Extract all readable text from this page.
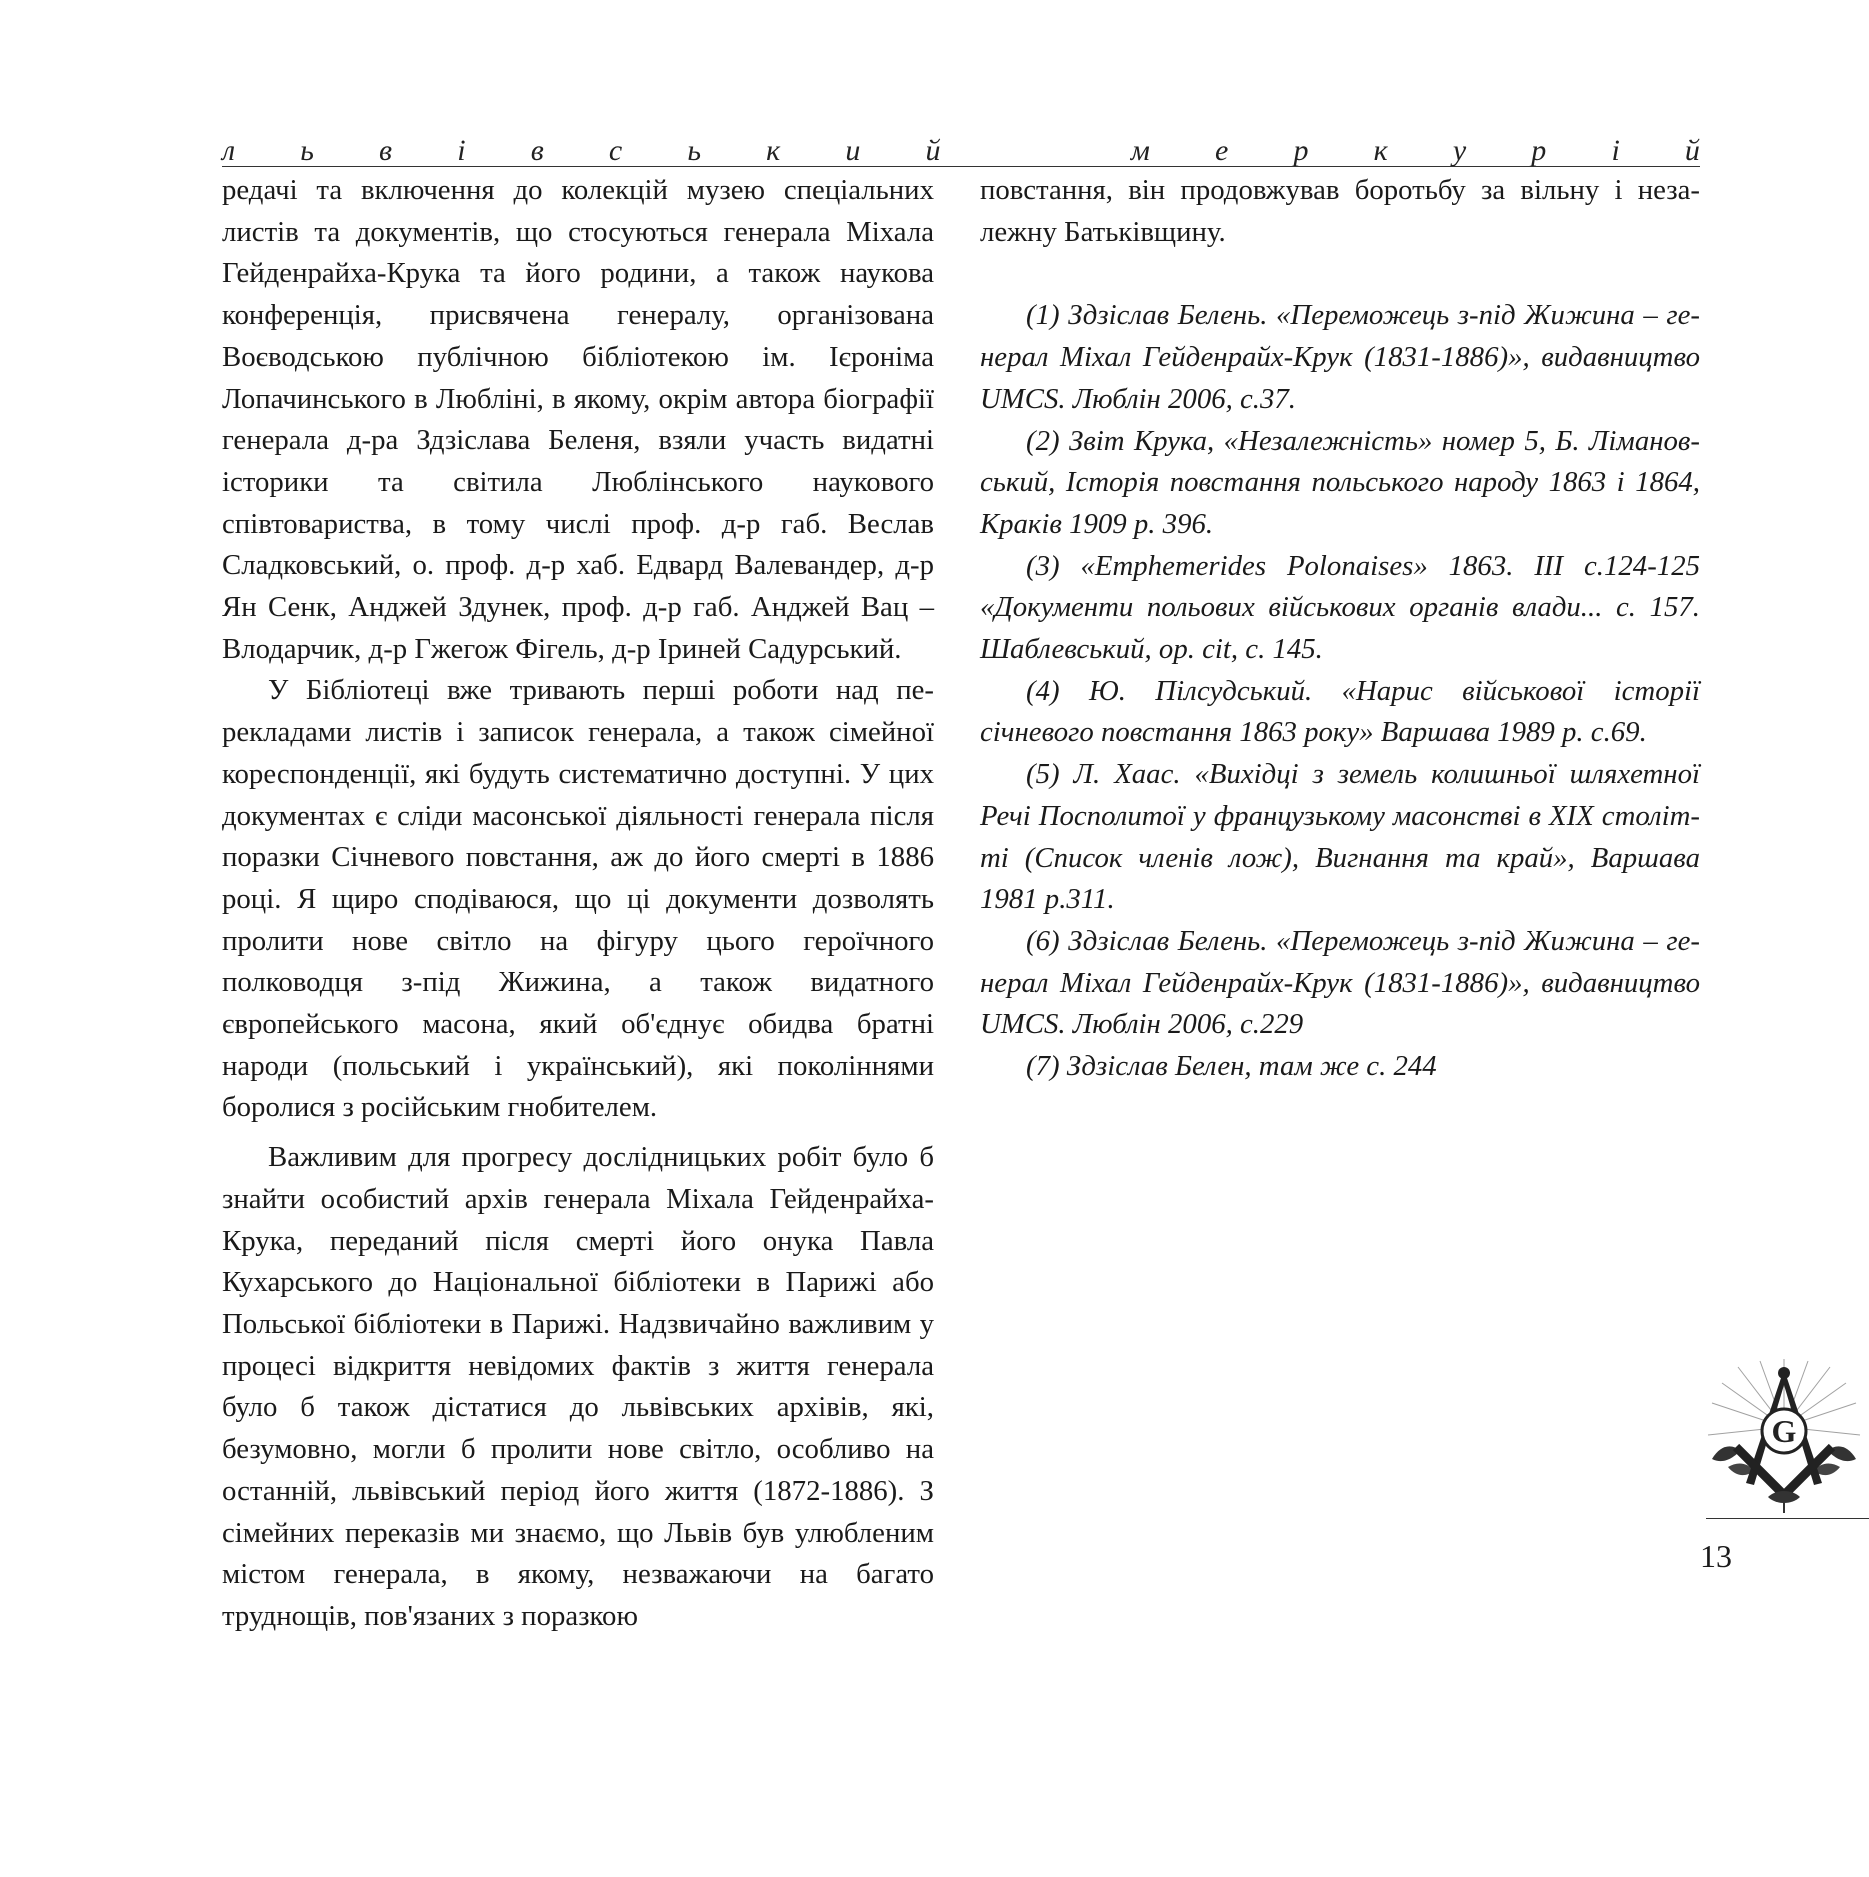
л ь в і в с ь к и й	м е р к у р і й

редачі та включення до колекцій музею спеціальних листів та документів, що стосуються генерала Міхала Гейденрайха-Крука та його родини, а також наукова конференція, присвячена генералу, організована Воєводською публічною бібліотекою ім. Ієроніма Лопачинського в Любліні, в якому, окрім автора біографії генерала д-ра Здзіслава Беленя, взяли участь видатні історики та світила Люблінського наукового співтовариства, в тому числі проф. д-р габ. Веслав Сладковський, о. проф. д-р хаб. Едвард Валевандер, д-р Ян Сенк, Анджей Здунек, проф. д-р габ. Анджей Вац – Влодарчик, д-р Гжегож Фігель, д-р Іриней Садурський.

У Бібліотеці вже тривають перші роботи над перекладами листів і записок генерала, а також сімейної кореспонденції, які будуть систематично доступні. У цих документах є сліди масонської діяльності генерала після поразки Січневого повстання, аж до його смерті в 1886 році. Я щиро сподіваюся, що ці документи дозволять пролити нове світло на фігуру цього героїчного полководця з-під Жижина, а також видатного європейського масона, який об'єднує обидва братні народи (польський і український), які поколіннями боролися з російським гнобителем.

Важливим для прогресу дослідницьких робіт було б знайти особистий архів генерала Міхала Гейденрайха-Крука, переданий після смерті його онука Павла Кухарського до Національної бібліотеки в Парижі або Польської бібліотеки в Парижі. Надзвичайно важливим у процесі відкриття невідомих фактів з життя генерала було б також дістатися до львівських архівів, які, безумовно, могли б пролити нове світло, особливо на останній, львівський період його життя (1872-1886). З сімейних переказів ми знаємо, що Львів був улюбленим містом генерала, в якому, незважаючи на багато труднощів, пов'язаних з поразкою

повстання, він продовжував боротьбу за вільну і незалежну Батьківщину.

(1) Здзіслав Белень. «Переможець з-під Жижина – генерал Міхал Гейденрайх-Крук (1831-1886)», видавництво UMCS. Люблін 2006, с.37.

(2) Звіт Крука, «Незалежність» номер 5, Б. Лімановський, Історія повстання польського народу 1863 і 1864, Краків 1909 р. 396.

(3) «Emphemerides Polonaises» 1863. III с.124-125 «Документи польових військових органів влади... с. 157. Шаблевський, op. cit, c. 145.

(4) Ю. Пілсудський. «Нарис військової історії січневого повстання 1863 року» Варшава 1989 р. с.69.

(5) Л. Хаас. «Вихідці з земель колишньої шляхетної Речі Посполитої у французькому масонстві в XIX столітті (Список членів лож), Вигнання та край», Варшава 1981 р.311.

(6) Здзіслав Белень. «Переможець з-під Жижина – генерал Міхал Гейденрайх-Крук (1831-1886)», видавництво UMCS. Люблін 2006, с.229

(7) Здзіслав Белен, там же с. 244

G
13
